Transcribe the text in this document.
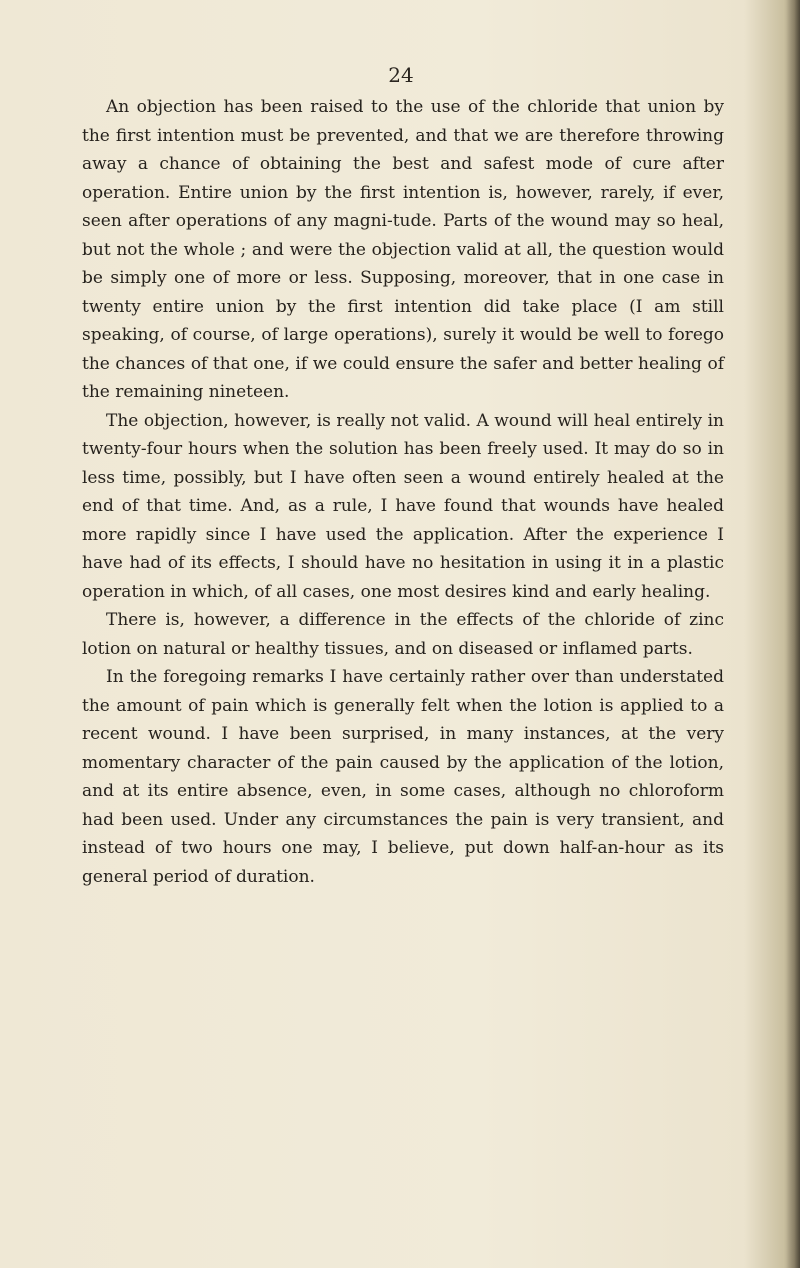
24

An objection has been raised to the use of the chloride that union by the first intention must be prevented, and that we are therefore throwing away a chance of obtaining the best and safest mode of cure after operation. Entire union by the first intention is, however, rarely, if ever, seen after operations of any magni-tude. Parts of the wound may so heal, but not the whole ; and were the objection valid at all, the question would be simply one of more or less. Supposing, moreover, that in one case in twenty entire union by the first intention did take place (I am still speaking, of course, of large operations), surely it would be well to forego the chances of that one, if we could ensure the safer and better healing of the remaining nineteen.

The objection, however, is really not valid. A wound will heal entirely in twenty-four hours when the solution has been freely used. It may do so in less time, possibly, but I have often seen a wound entirely healed at the end of that time. And, as a rule, I have found that wounds have healed more rapidly since I have used the application. After the experience I have had of its effects, I should have no hesitation in using it in a plastic operation in which, of all cases, one most desires kind and early healing.

There is, however, a difference in the effects of the chloride of zinc lotion on natural or healthy tissues, and on diseased or inflamed parts.

In the foregoing remarks I have certainly rather over than understated the amount of pain which is generally felt when the lotion is applied to a recent wound. I have been surprised, in many instances, at the very momentary character of the pain caused by the application of the lotion, and at its entire absence, even, in some cases, although no chloroform had been used. Under any circumstances the pain is very transient, and instead of two hours one may, I believe, put down half-an-hour as its general period of duration.
